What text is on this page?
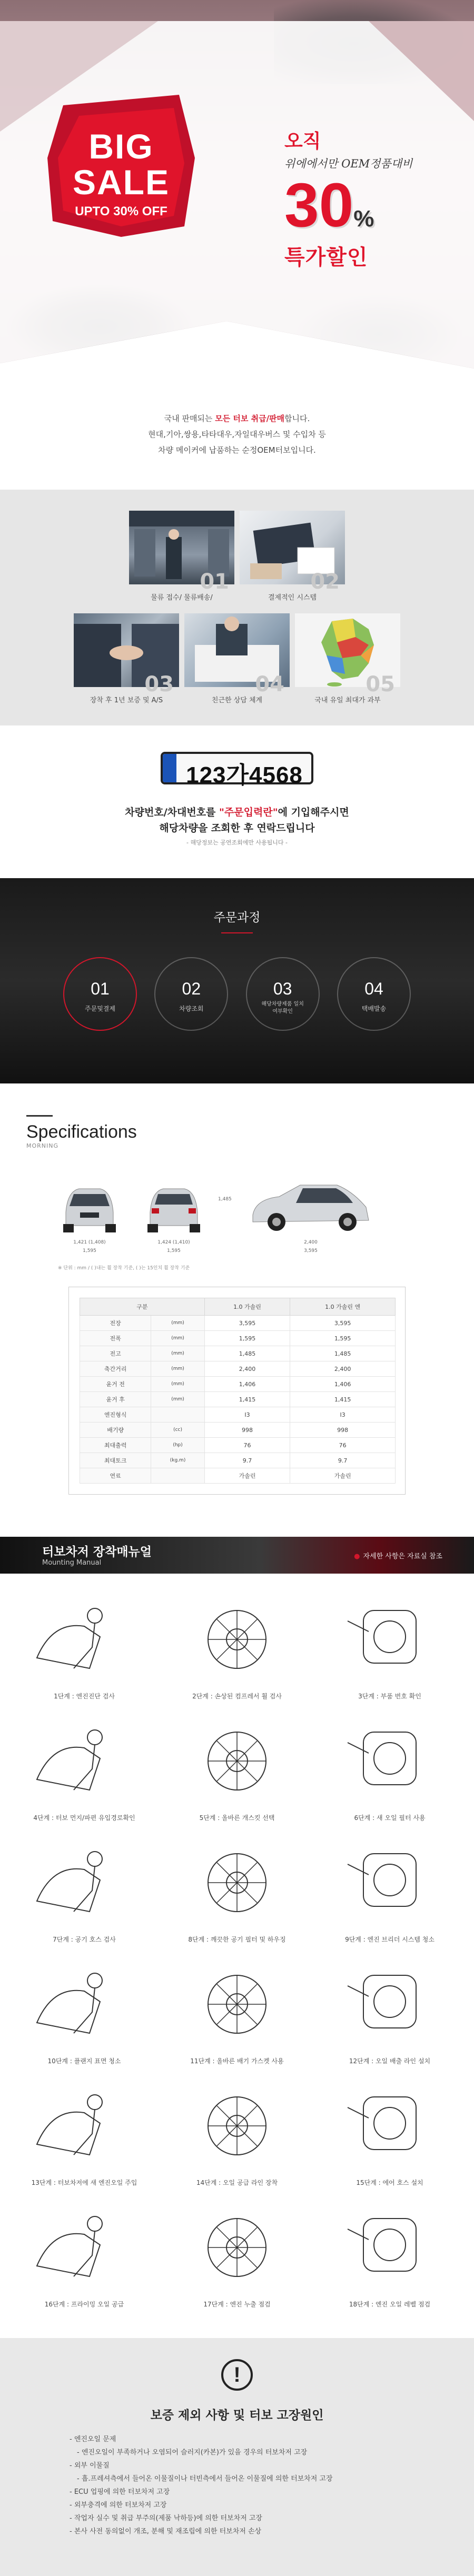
BIG
SALE
UPTO 30% OFF
오직
위에에서만 OEM정품대비
30%
특가할인

국내 판매되는 모든 터보 취급/판매합니다.

현대,기아,쌍용,타타대우,자일대우버스 및 수입차 등

차량 메이커에 납품하는 순정OEM터보입니다.

01
물류 접수/ 물류배송/
02
결제적인 시스템
03
장착 후 1년 보증 및 A/S
04
친근한 상담 체계
05
국내 유일 최대가 과부
123가4568
차량번호/차대번호를 "주문입력란"에 기입해주시면
해당차량을 조회한 후 연락드립니다
- 해당정보는 공연조회에만 사용됩니다 -
주문과정
01
주문및결제
02
차량조회
03
해당차량제품 일치여부확인
04
택배발송
Specifications
MORNING
1,421 (1,408)
1,595
1,424 (1,410)
1,595
1,485
2,400
3,595
※ 단위 : mm / ( )내는 휠 장착 기준, ( )는 15인치 휠 장착 기준
구분		1.0 가솔린	1.0 가솔린 엔
전장	(mm)	3,595	3,595
전폭	(mm)	1,595	1,595
전고	(mm)	1,485	1,485
축간거리	(mm)	2,400	2,400
윤거 전	(mm)	1,406	1,406
윤거 후	(mm)	1,415	1,415
엔진형식		I3	I3
배기량	(cc)	998	998
최대출력	(hp)	76	76
최대토크	(kg.m)	9.7	9.7
연료		가솔린	가솔린
터보차저 장착매뉴얼
Mounting Manual
● 자세한 사항은 자료실 참조
1단계 : 엔진진단 검사	2단계 : 손상된 컴프레서 휠 검사	3단계 : 부품 번호 확인
4단계 : 터보 먼지/파편 유입경로확인	5단계 : 올바른 개스킷 선택	6단계 : 새 오일 필터 사용
7단계 : 공기 호스 검사	8단계 : 깨끗한 공기 필터 및 하우징	9단계 : 엔진 브리더 시스템 청소
10단계 : 플랜지 표면 청소	11단계 : 올바른 배기 가스켓 사용	12단계 : 오일 배출 라인 설치
13단계 : 터보차저에 새 엔진오일 주입	14단계 : 오일 공급 라인 장착	15단계 : 에어 호스 설치
16단계 : 프라이밍 오일 공급	17단계 : 엔진 누출 점검	18단계 : 엔진 오일 레벨 점검
!
보증 제외 사항 및 터보 고장원인
- 엔진오일 문제
- 엔진오일이 부족하거나 오염되어 슬러지(카본)가 있을 경우의 터보차저 고장
- 외부 이물질
- 흡.프레셔측에서 들어온 이물질이나 터빈측에서 들어온 이물질에 의한 터보차저 고장
- ECU 업핑에 의한 터보차저 고장
- 외부충격에 의한 터보차저 고장
- 작업자 실수 및 취급 부주의(제품 낙하등)에 의한 터보차저 고장
- 본사 사전 동의없이 개조, 분해 및 재조립에 의한 터보차저 손상
